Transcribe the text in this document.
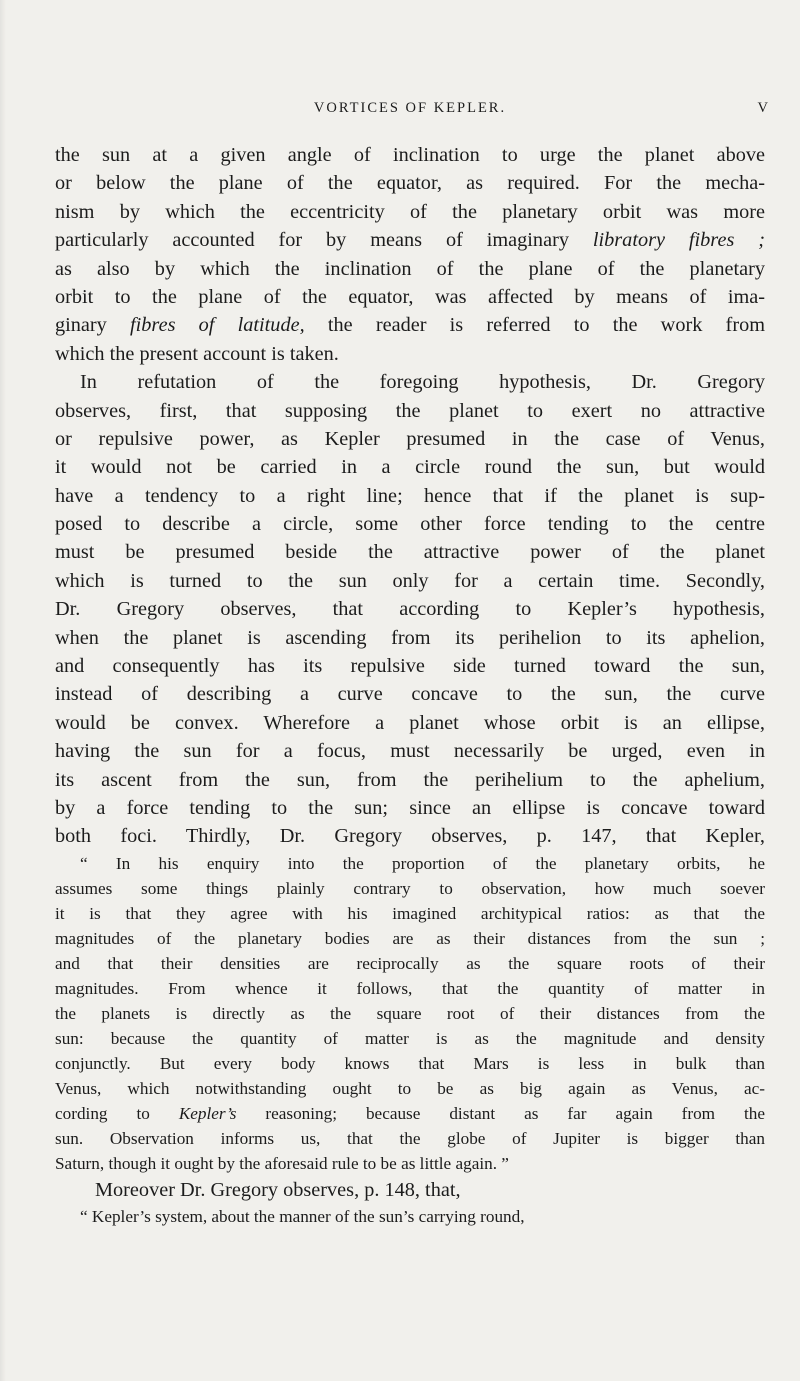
VORTICES OF KEPLER.	V
the sun at a given angle of inclination to urge the planet above
or below the plane of the equator, as required. For the mecha-
nism by which the eccentricity of the planetary orbit was more
particularly accounted for by means of imaginary libratory fibres ;
as also by which the inclination of the plane of the planetary
orbit to the plane of the equator, was affected by means of ima-
ginary fibres of latitude, the reader is referred to the work from
which the present account is taken.
In refutation of the foregoing hypothesis, Dr. Gregory
observes, first, that supposing the planet to exert no attractive
or repulsive power, as Kepler presumed in the case of Venus,
it would not be carried in a circle round the sun, but would
have a tendency to a right line; hence that if the planet is sup-
posed to describe a circle, some other force tending to the centre
must be presumed beside the attractive power of the planet
which is turned to the sun only for a certain time. Secondly,
Dr. Gregory observes, that according to Kepler’s hypothesis,
when the planet is ascending from its perihelion to its aphelion,
and consequently has its repulsive side turned toward the sun,
instead of describing a curve concave to the sun, the curve
would be convex. Wherefore a planet whose orbit is an ellipse,
having the sun for a focus, must necessarily be urged, even in
its ascent from the sun, from the perihelium to the aphelium,
by a force tending to the sun; since an ellipse is concave toward
both foci. Thirdly, Dr. Gregory observes, p. 147, that Kepler,
“ In his enquiry into the proportion of the planetary orbits, he
assumes some things plainly contrary to observation, how much soever
it is that they agree with his imagined architypical ratios: as that the
magnitudes of the planetary bodies are as their distances from the sun ;
and that their densities are reciprocally as the square roots of their
magnitudes. From whence it follows, that the quantity of matter in
the planets is directly as the square root of their distances from the
sun: because the quantity of matter is as the magnitude and density
conjunctly. But every body knows that Mars is less in bulk than
Venus, which notwithstanding ought to be as big again as Venus, ac-
cording to Kepler’s reasoning; because distant as far again from the
sun. Observation informs us, that the globe of Jupiter is bigger than
Saturn, though it ought by the aforesaid rule to be as little again. ”
Moreover Dr. Gregory observes, p. 148, that,
“ Kepler’s system, about the manner of the sun’s carrying round,
